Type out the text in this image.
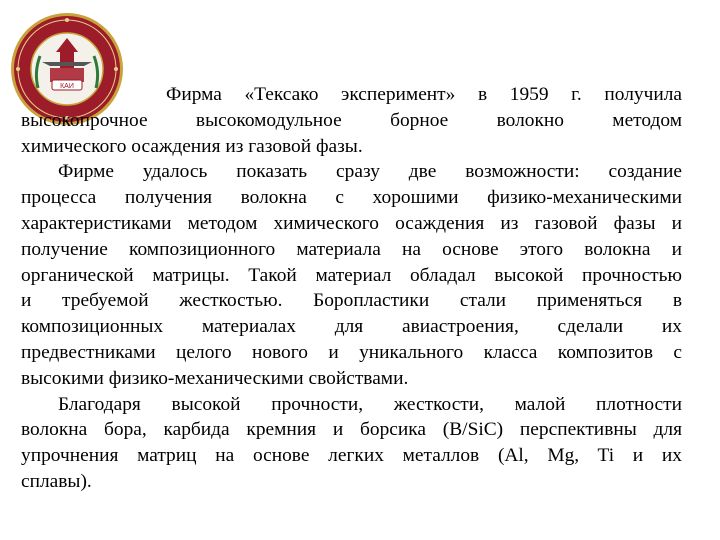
КАИ	Фирма «Тексако эксперимент» в 1959 г. получила
высокопрочное высокомодульное борное волокно методом
химического осаждения из газовой фазы.
Фирме удалось показать сразу две возможности: создание
процесса получения волокна с хорошими физико-механическими
характеристиками методом химического осаждения из газовой фазы и
получение композиционного материала на основе этого волокна и
органической матрицы. Такой материал обладал высокой прочностью
и требуемой жесткостью. Боропластики стали применяться в
композиционных материалах для авиастроения, сделали их
предвестниками целого нового и уникального класса композитов с
высокими физико-механическими свойствами.
Благодаря высокой прочности, жесткости, малой плотности
волокна бора, карбида кремния и борсика (B/SiC) перспективны для
упрочнения матриц на основе легких металлов (Al, Mg, Ti и их
сплавы).
